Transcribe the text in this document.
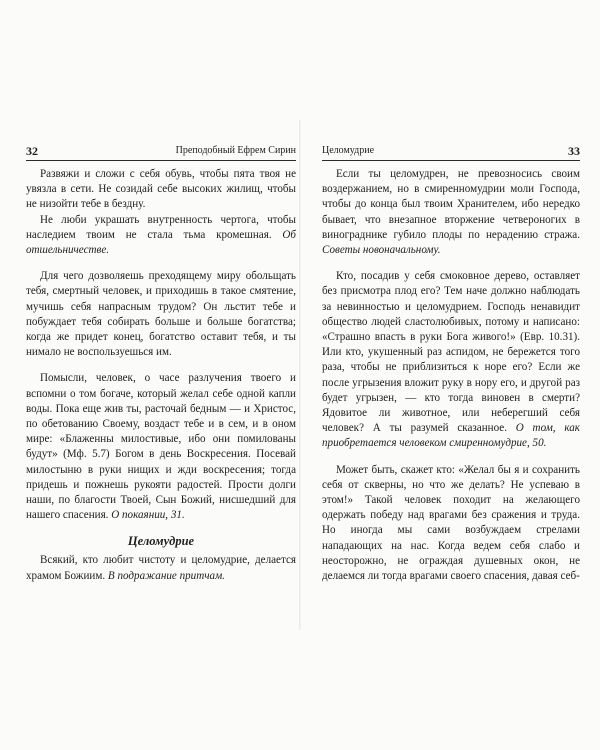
32	Преподобный Ефрем Сирин

Развяжи и сложи с себя обувь, чтобы пята твоя не увязла в сети. Не созидай себе высоких жилищ, чтобы не низойти тебе в бездну.

Не люби украшать внутренность чертога, чтобы наследием твоим не стала тьма кромешная. Об отшельничестве.

Для чего дозволяешь преходящему миру обольщать тебя, смертный человек, и приходишь в такое смятение, мучишь себя напрасным трудом? Он льстит тебе и побуждает тебя собирать больше и больше богатства; когда же придет конец, богатство оставит тебя, и ты нимало не воспользуешься им.

Помысли, человек, о часе разлучения твоего и вспомни о том богаче, который желал себе одной капли воды. Пока еще жив ты, расточай бедным — и Христос, по обетованию Своему, воздаст тебе и в сем, и в оном мире: «Блаженны милостивые, ибо они помилованы будут» (Мф. 5.7) Богом в день Воскресения. Посевай милостыню в руки нищих и жди воскресения; тогда придешь и пожнешь рукояти радостей. Прости долги наши, по благости Твоей, Сын Божий, нисшедший для нашего спасения. О покаянии, 31.

Целомудрие

Всякий, кто любит чистоту и целомудрие, делается храмом Божиим. В подражание притчам.

Целомудрие	33

Если ты целомудрен, не превозносись своим воздержанием, но в смиренномудрии моли Господа, чтобы до конца был твоим Хранителем, ибо нередко бывает, что внезапное вторжение четвероногих в винограднике губило плоды по нерадению стража. Советы новоначальному.

Кто, посадив у себя смоковное дерево, оставляет без присмотра плод его? Тем наче должно наблюдать за невинностью и целомудрием. Господь ненавидит общество людей сластолюбивых, потому и написано: «Страшно впасть в руки Бога живого!» (Евр. 10.31). Или кто, укушенный раз аспидом, не бережется того раза, чтобы не приблизиться к норе его? Если же после угрызения вложит руку в нору его, и другой раз будет угрызен, — кто тогда виновен в смерти? Ядовитое ли животное, или неберегший себя человек? А ты разумей сказанное. О том, как приобретается человеком смиренномудрие, 50.

Может быть, скажет кто: «Желал бы я и сохранить себя от скверны, но что же делать? Не успеваю в этом!» Такой человек походит на желающего одержать победу над врагами без сражения и труда. Но иногда мы сами возбуждаем стрелами нападающих на нас. Когда ведем себя слабо и неосторожно, не ограждая душевных окон, не делаемся ли тогда врагами своего спасения, давая себ-
